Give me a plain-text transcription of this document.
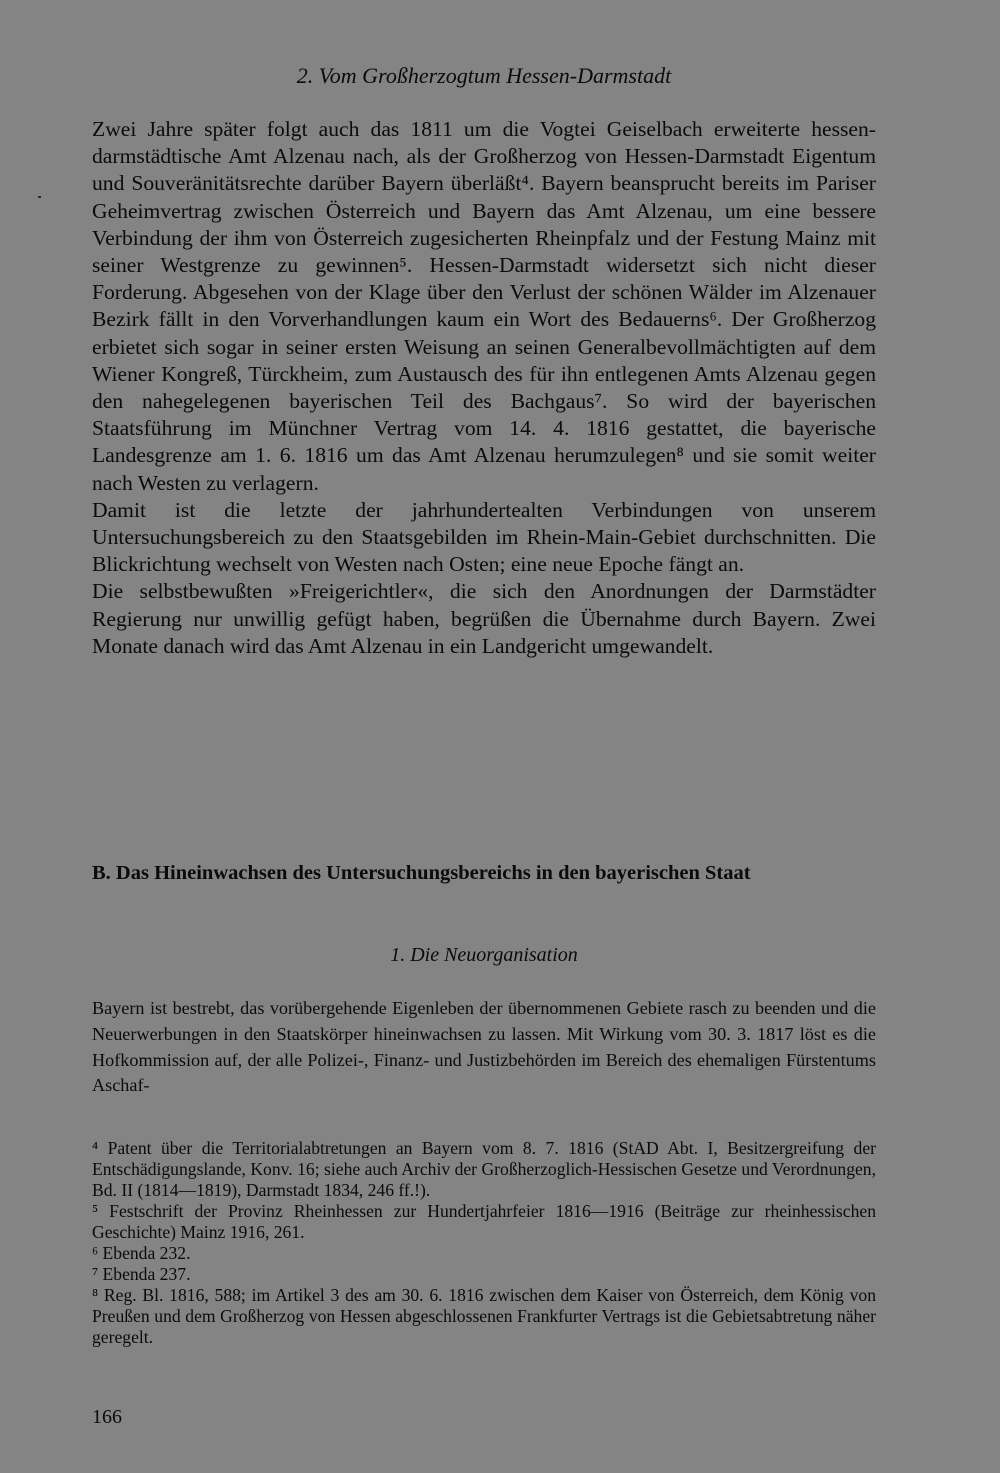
2. Vom Großherzogtum Hessen-Darmstadt

Zwei Jahre später folgt auch das 1811 um die Vogtei Geiselbach erweiterte hessen-darmstädtische Amt Alzenau nach, als der Großherzog von Hessen-Darmstadt Eigentum und Souveränitätsrechte darüber Bayern überläßt⁴. Bayern beansprucht bereits im Pariser Geheimvertrag zwischen Österreich und Bayern das Amt Alzenau, um eine bessere Verbindung der ihm von Österreich zugesicherten Rheinpfalz und der Festung Mainz mit seiner Westgrenze zu gewinnen⁵. Hessen-Darmstadt widersetzt sich nicht dieser Forderung. Abgesehen von der Klage über den Verlust der schönen Wälder im Alzenauer Bezirk fällt in den Vorverhandlungen kaum ein Wort des Bedauerns⁶. Der Großherzog erbietet sich sogar in seiner ersten Weisung an seinen Generalbevollmächtigten auf dem Wiener Kongreß, Türckheim, zum Austausch des für ihn entlegenen Amts Alzenau gegen den nahegelegenen bayerischen Teil des Bachgaus⁷. So wird der bayerischen Staatsführung im Münchner Vertrag vom 14. 4. 1816 gestattet, die bayerische Landesgrenze am 1. 6. 1816 um das Amt Alzenau herumzulegen⁸ und sie somit weiter nach Westen zu verlagern.

Damit ist die letzte der jahrhundertealten Verbindungen von unserem Untersuchungsbereich zu den Staatsgebilden im Rhein-Main-Gebiet durchschnitten. Die Blickrichtung wechselt von Westen nach Osten; eine neue Epoche fängt an.

Die selbstbewußten »Freigerichtler«, die sich den Anordnungen der Darmstädter Regierung nur unwillig gefügt haben, begrüßen die Übernahme durch Bayern. Zwei Monate danach wird das Amt Alzenau in ein Landgericht umgewandelt.

B. Das Hineinwachsen des Untersuchungsbereichs in den bayerischen Staat
1. Die Neuorganisation

Bayern ist bestrebt, das vorübergehende Eigenleben der übernommenen Gebiete rasch zu beenden und die Neuerwerbungen in den Staatskörper hineinwachsen zu lassen. Mit Wirkung vom 30. 3. 1817 löst es die Hofkommission auf, der alle Polizei-, Finanz- und Justizbehörden im Bereich des ehemaligen Fürstentums Aschaf-

⁴ Patent über die Territorialabtretungen an Bayern vom 8. 7. 1816 (StAD Abt. I, Besitzergreifung der Entschädigungslande, Konv. 16; siehe auch Archiv der Großherzoglich-Hessischen Gesetze und Verordnungen, Bd. II (1814—1819), Darmstadt 1834, 246 ff.!).

⁵ Festschrift der Provinz Rheinhessen zur Hundertjahrfeier 1816—1916 (Beiträge zur rheinhessischen Geschichte) Mainz 1916, 261.

⁶ Ebenda 232.

⁷ Ebenda 237.

⁸ Reg. Bl. 1816, 588; im Artikel 3 des am 30. 6. 1816 zwischen dem Kaiser von Österreich, dem König von Preußen und dem Großherzog von Hessen abgeschlossenen Frankfurter Vertrags ist die Gebietsabtretung näher geregelt.

166
